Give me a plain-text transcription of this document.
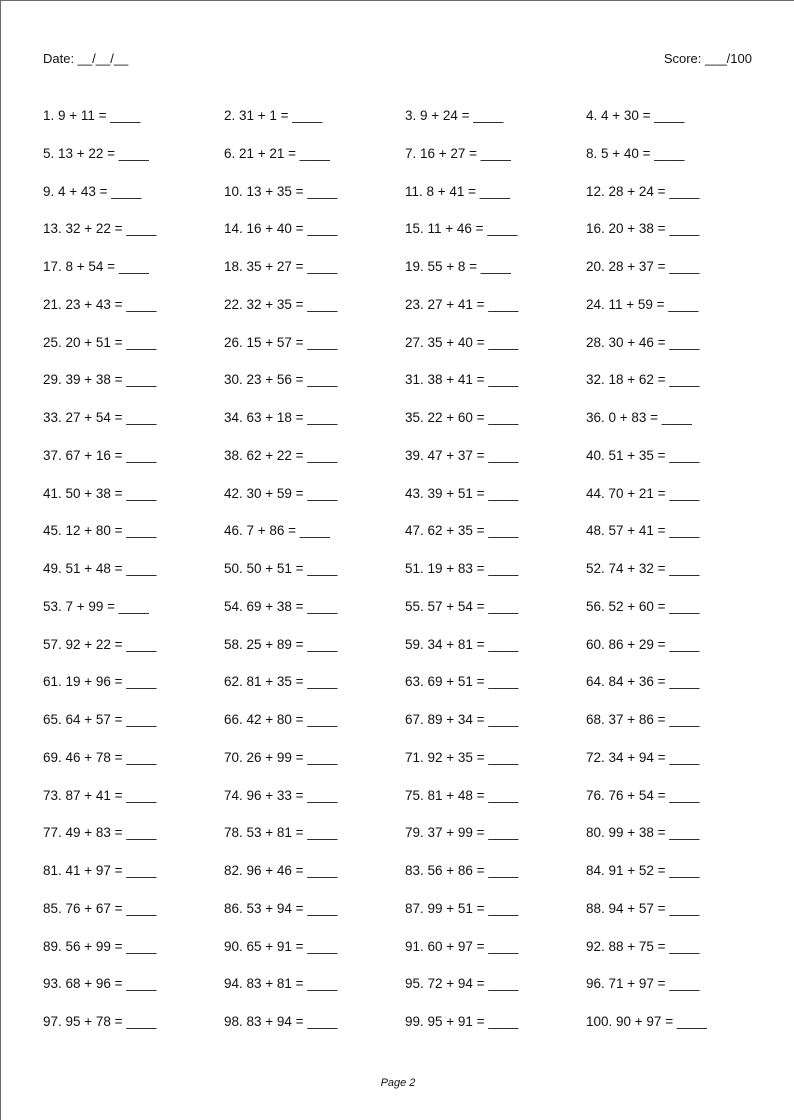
Date: __/__/__	Score: ___/100
1. 9 + 11 = ____	2. 31 + 1 = ____	3. 9 + 24 = ____	4. 4 + 30 = ____
5. 13 + 22 = ____	6. 21 + 21 = ____	7. 16 + 27 = ____	8. 5 + 40 = ____
9. 4 + 43 = ____	10. 13 + 35 = ____	11. 8 + 41 = ____	12. 28 + 24 = ____
13. 32 + 22 = ____	14. 16 + 40 = ____	15. 11 + 46 = ____	16. 20 + 38 = ____
17. 8 + 54 = ____	18. 35 + 27 = ____	19. 55 + 8 = ____	20. 28 + 37 = ____
21. 23 + 43 = ____	22. 32 + 35 = ____	23. 27 + 41 = ____	24. 11 + 59 = ____
25. 20 + 51 = ____	26. 15 + 57 = ____	27. 35 + 40 = ____	28. 30 + 46 = ____
29. 39 + 38 = ____	30. 23 + 56 = ____	31. 38 + 41 = ____	32. 18 + 62 = ____
33. 27 + 54 = ____	34. 63 + 18 = ____	35. 22 + 60 = ____	36. 0 + 83 = ____
37. 67 + 16 = ____	38. 62 + 22 = ____	39. 47 + 37 = ____	40. 51 + 35 = ____
41. 50 + 38 = ____	42. 30 + 59 = ____	43. 39 + 51 = ____	44. 70 + 21 = ____
45. 12 + 80 = ____	46. 7 + 86 = ____	47. 62 + 35 = ____	48. 57 + 41 = ____
49. 51 + 48 = ____	50. 50 + 51 = ____	51. 19 + 83 = ____	52. 74 + 32 = ____
53. 7 + 99 = ____	54. 69 + 38 = ____	55. 57 + 54 = ____	56. 52 + 60 = ____
57. 92 + 22 = ____	58. 25 + 89 = ____	59. 34 + 81 = ____	60. 86 + 29 = ____
61. 19 + 96 = ____	62. 81 + 35 = ____	63. 69 + 51 = ____	64. 84 + 36 = ____
65. 64 + 57 = ____	66. 42 + 80 = ____	67. 89 + 34 = ____	68. 37 + 86 = ____
69. 46 + 78 = ____	70. 26 + 99 = ____	71. 92 + 35 = ____	72. 34 + 94 = ____
73. 87 + 41 = ____	74. 96 + 33 = ____	75. 81 + 48 = ____	76. 76 + 54 = ____
77. 49 + 83 = ____	78. 53 + 81 = ____	79. 37 + 99 = ____	80. 99 + 38 = ____
81. 41 + 97 = ____	82. 96 + 46 = ____	83. 56 + 86 = ____	84. 91 + 52 = ____
85. 76 + 67 = ____	86. 53 + 94 = ____	87. 99 + 51 = ____	88. 94 + 57 = ____
89. 56 + 99 = ____	90. 65 + 91 = ____	91. 60 + 97 = ____	92. 88 + 75 = ____
93. 68 + 96 = ____	94. 83 + 81 = ____	95. 72 + 94 = ____	96. 71 + 97 = ____
97. 95 + 78 = ____	98. 83 + 94 = ____	99. 95 + 91 = ____	100. 90 + 97 = ____
Page 2
